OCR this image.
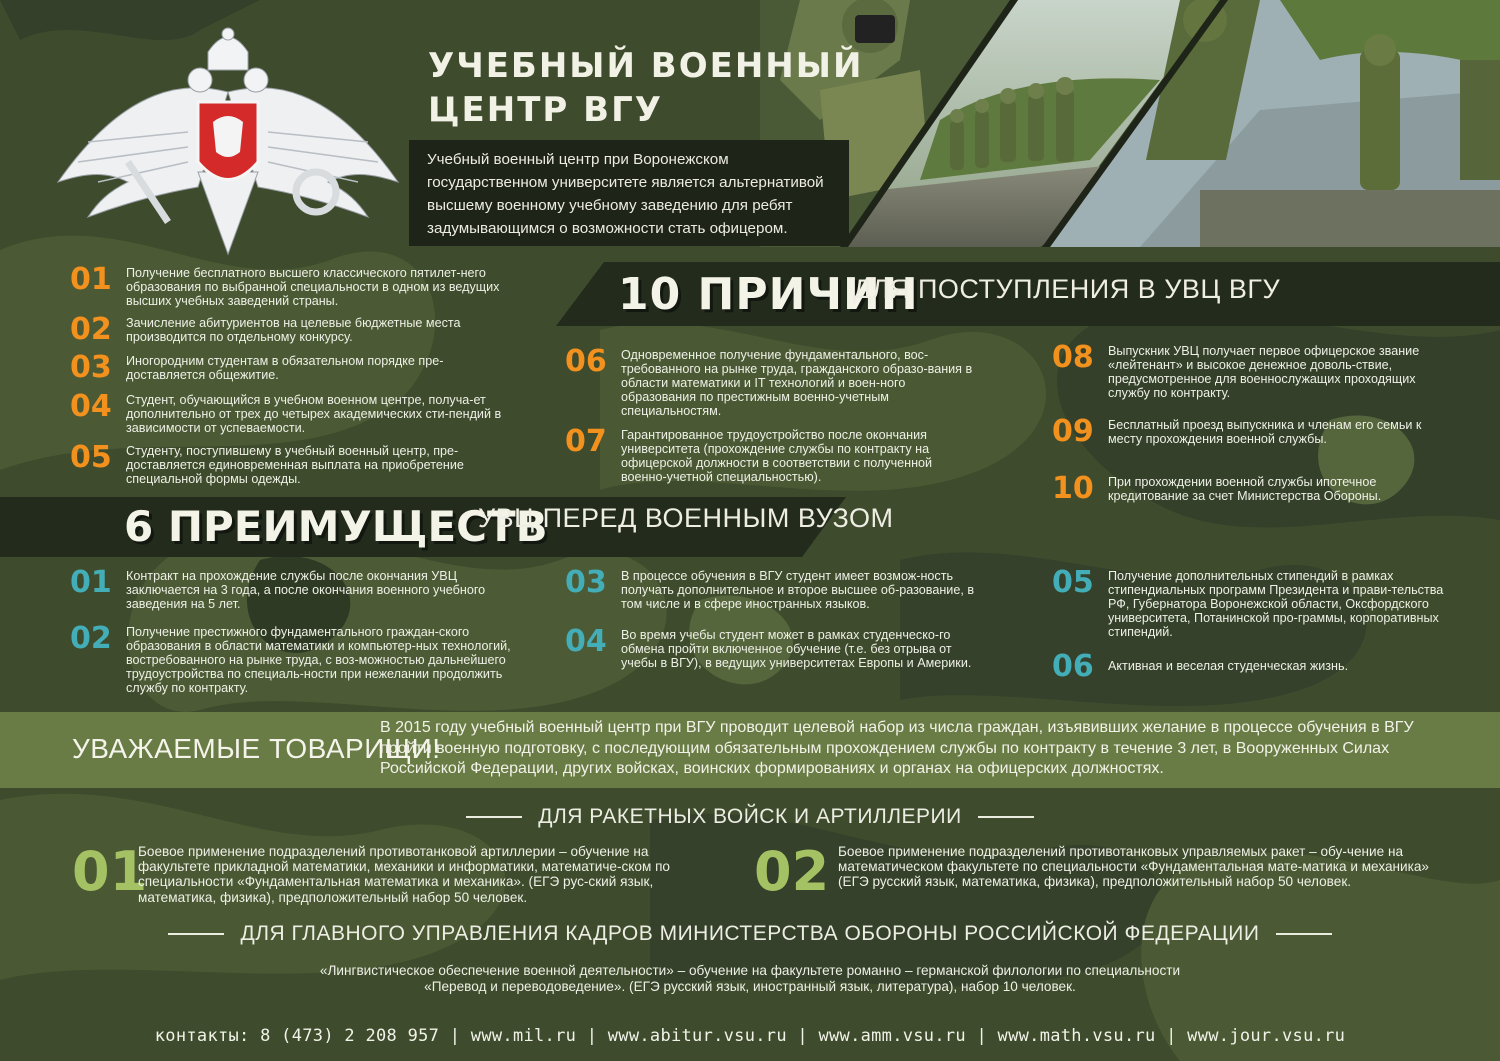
УЧЕБНЫЙ ВОЕННЫЙ
ЦЕНТР ВГУ
Учебный военный центр при Воронежском государственном университете является альтернативой высшему военному учебному заведению для ребят задумывающимся о возможности стать офицером.
10 ПРИЧИН
ДЛЯ ПОСТУПЛЕНИЯ В УВЦ ВГУ
01	Получение бесплатного высшего классического пятилет-него образования по выбранной специальности в одном из ведущих высших учебных заведений страны.
02	Зачисление абитуриентов на целевые бюджетные места производится по отдельному конкурсу.
03	Иногородним студентам в обязательном порядке пре-доставляется общежитие.
04	Студент, обучающийся в учебном военном центре, получа-ет дополнительно от трех до четырех академических сти-пендий в зависимости от успеваемости.
05	Студенту, поступившему в учебный военный центр, пре-доставляется единовременная выплата на приобретение специальной формы одежды.
06	Одновременное получение фундаментального, вос-требованного на рынке труда, гражданского образо-вания в области математики и IT технологий и воен-ного образования по престижным военно-учетным специальностям.
07	Гарантированное трудоустройство после окончания университета (прохождение службы по контракту на офицерской должности в соответствии с полученной военно-учетной специальностью).
08	Выпускник УВЦ получает первое офицерское звание «лейтенант» и высокое денежное доволь-ствие, предусмотренное для военнослужащих проходящих службу по контракту.
09	Бесплатный проезд выпускника и членам его семьи к месту прохождения военной службы.
10	При прохождении военной службы ипотечное кредитование за счет Министерства Обороны.
6 ПРЕИМУЩЕСТВ
УВЦ ПЕРЕД ВОЕННЫМ ВУЗОМ
01	Контракт на прохождение службы после окончания УВЦ заключается на 3 года, а после окончания военного учебного заведения на 5 лет.
02	Получение престижного фундаментального граждан-ского образования в области математики и компьютер-ных технологий, востребованного на рынке труда, с воз-можностью дальнейшего трудоустройства по специаль-ности при нежелании продолжить службу по контракту.
03	В процессе обучения в ВГУ студент имеет возмож-ность получать дополнительное и второе высшее об-разование, в том числе и в сфере иностранных языков.
04	Во время учебы студент может в рамках студенческо-го обмена пройти включенное обучение (т.е. без отрыва от учебы в ВГУ), в ведущих университетах Европы и Америки.
05	Получение дополнительных стипендий в рамках стипендиальных программ Президента и прави-тельства РФ, Губернатора Воронежской области, Оксфордского университета, Потанинской про-граммы, корпоративных стипендий.
06	Активная и веселая студенческая жизнь.
УВАЖАЕМЫЕ ТОВАРИЩИ!
В 2015 году учебный военный центр при ВГУ проводит целевой набор из числа граждан, изъявивших желание в процессе обучения в ВГУ пройти военную подготовку, с последующим обязательным прохождением службы по контракту в течение 3 лет, в Вооруженных Силах Российской Федерации, других войсках, воинских формированиях и органах на офицерских должностях.
ДЛЯ РАКЕТНЫХ ВОЙСК И АРТИЛЛЕРИИ
01
Боевое применение подразделений противотанковой артиллерии – обучение на факультете прикладной математики, механики и информатики, математиче-ском по специальности «Фундаментальная математика и механика». (ЕГЭ рус-ский язык, математика, физика), предположительный набор 50 человек.	02 Боевое применение подразделений противотанковых управляемых ракет – обу-чение на математическом факультете по специальности «Фундаментальная мате-матика и механика» (ЕГЭ русский язык, математика, физика), предположительный набор 50 человек.
ДЛЯ ГЛАВНОГО УПРАВЛЕНИЯ КАДРОВ МИНИСТЕРСТВА ОБОРОНЫ РОССИЙСКОЙ ФЕДЕРАЦИИ
«Лингвистическое обеспечение военной деятельности» – обучение на факультете романно – германской филологии по специальности
«Перевод и переводоведение». (ЕГЭ русский язык, иностранный язык, литература), набор 10 человек.
контакты: 8 (473) 2 208 957 | www.mil.ru | www.abitur.vsu.ru | www.amm.vsu.ru | www.math.vsu.ru | www.jour.vsu.ru
